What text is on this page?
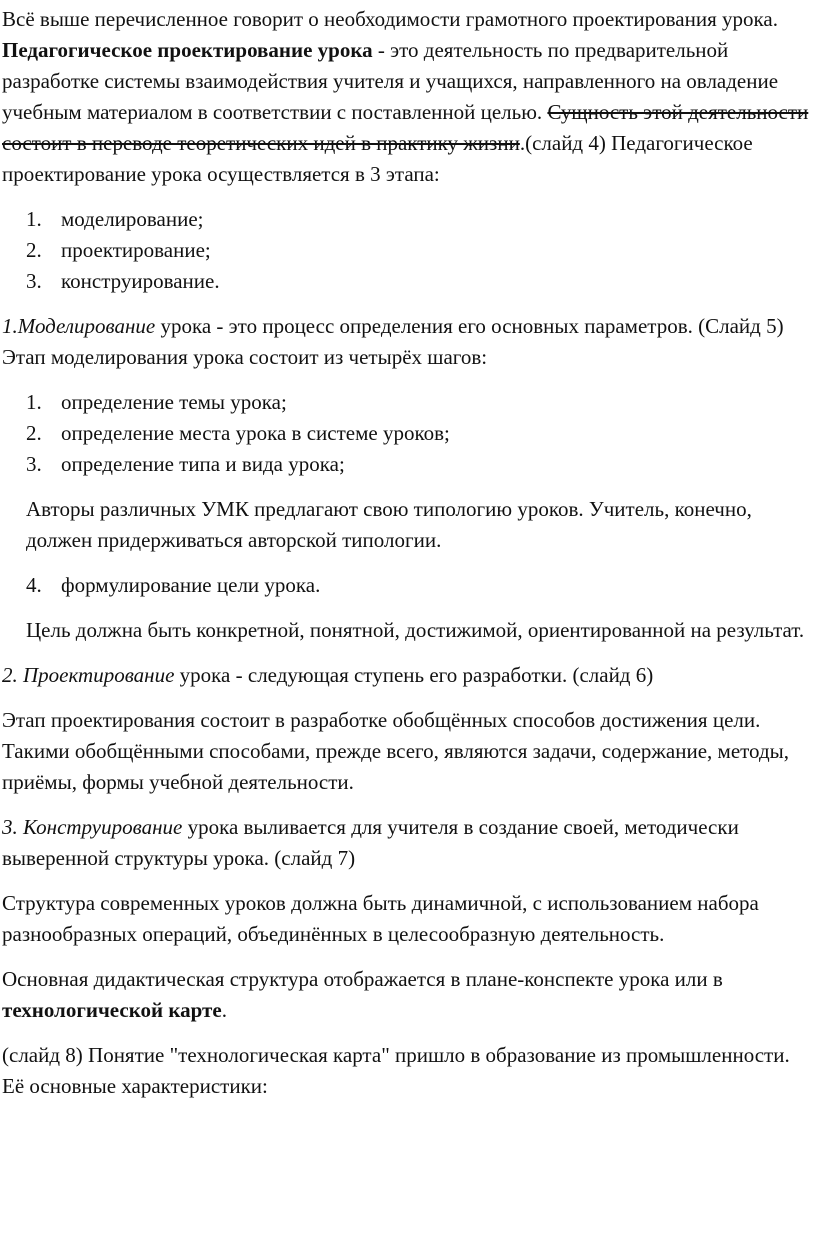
Всё выше перечисленное говорит о необходимости грамотного проектирования урока. Педагогическое проектирование урока - это деятельность по предварительной разработке системы взаимодействия учителя и учащихся, направленного на овладение учебным материалом в соответствии с поставленной целью. Сущность этой деятельности состоит в переводе теоретических идей в практику жизни.(слайд 4) Педагогическое проектирование урока осуществляется в 3 этапа:

1. моделирование;
2. проектирование;
3. конструирование.

1.Моделирование урока - это процесс определения его основных параметров. (Слайд 5) Этап моделирования урока состоит из четырёх шагов:

1. определение темы урока;
2. определение места урока в системе уроков;
3. определение типа и вида урока;

Авторы различных УМК предлагают свою типологию уроков. Учитель, конечно, должен придерживаться авторской типологии.

4. формулирование цели урока.

Цель должна быть конкретной, понятной, достижимой, ориентированной на результат.

2. Проектирование урока - следующая ступень его разработки. (слайд 6)

Этап проектирования состоит в разработке обобщённых способов достижения цели. Такими обобщёнными способами, прежде всего, являются задачи, содержание, методы, приёмы, формы учебной деятельности.

3. Конструирование урока выливается для учителя в создание своей, методически выверенной структуры урока. (слайд 7)

Структура современных уроков должна быть динамичной, с использованием набора разнообразных операций, объединённых в целесообразную деятельность.

Основная дидактическая структура отображается в плане-конспекте урока или в технологической карте.

(слайд 8) Понятие "технологическая карта" пришло в образование из промышленности. Её основные характеристики:
